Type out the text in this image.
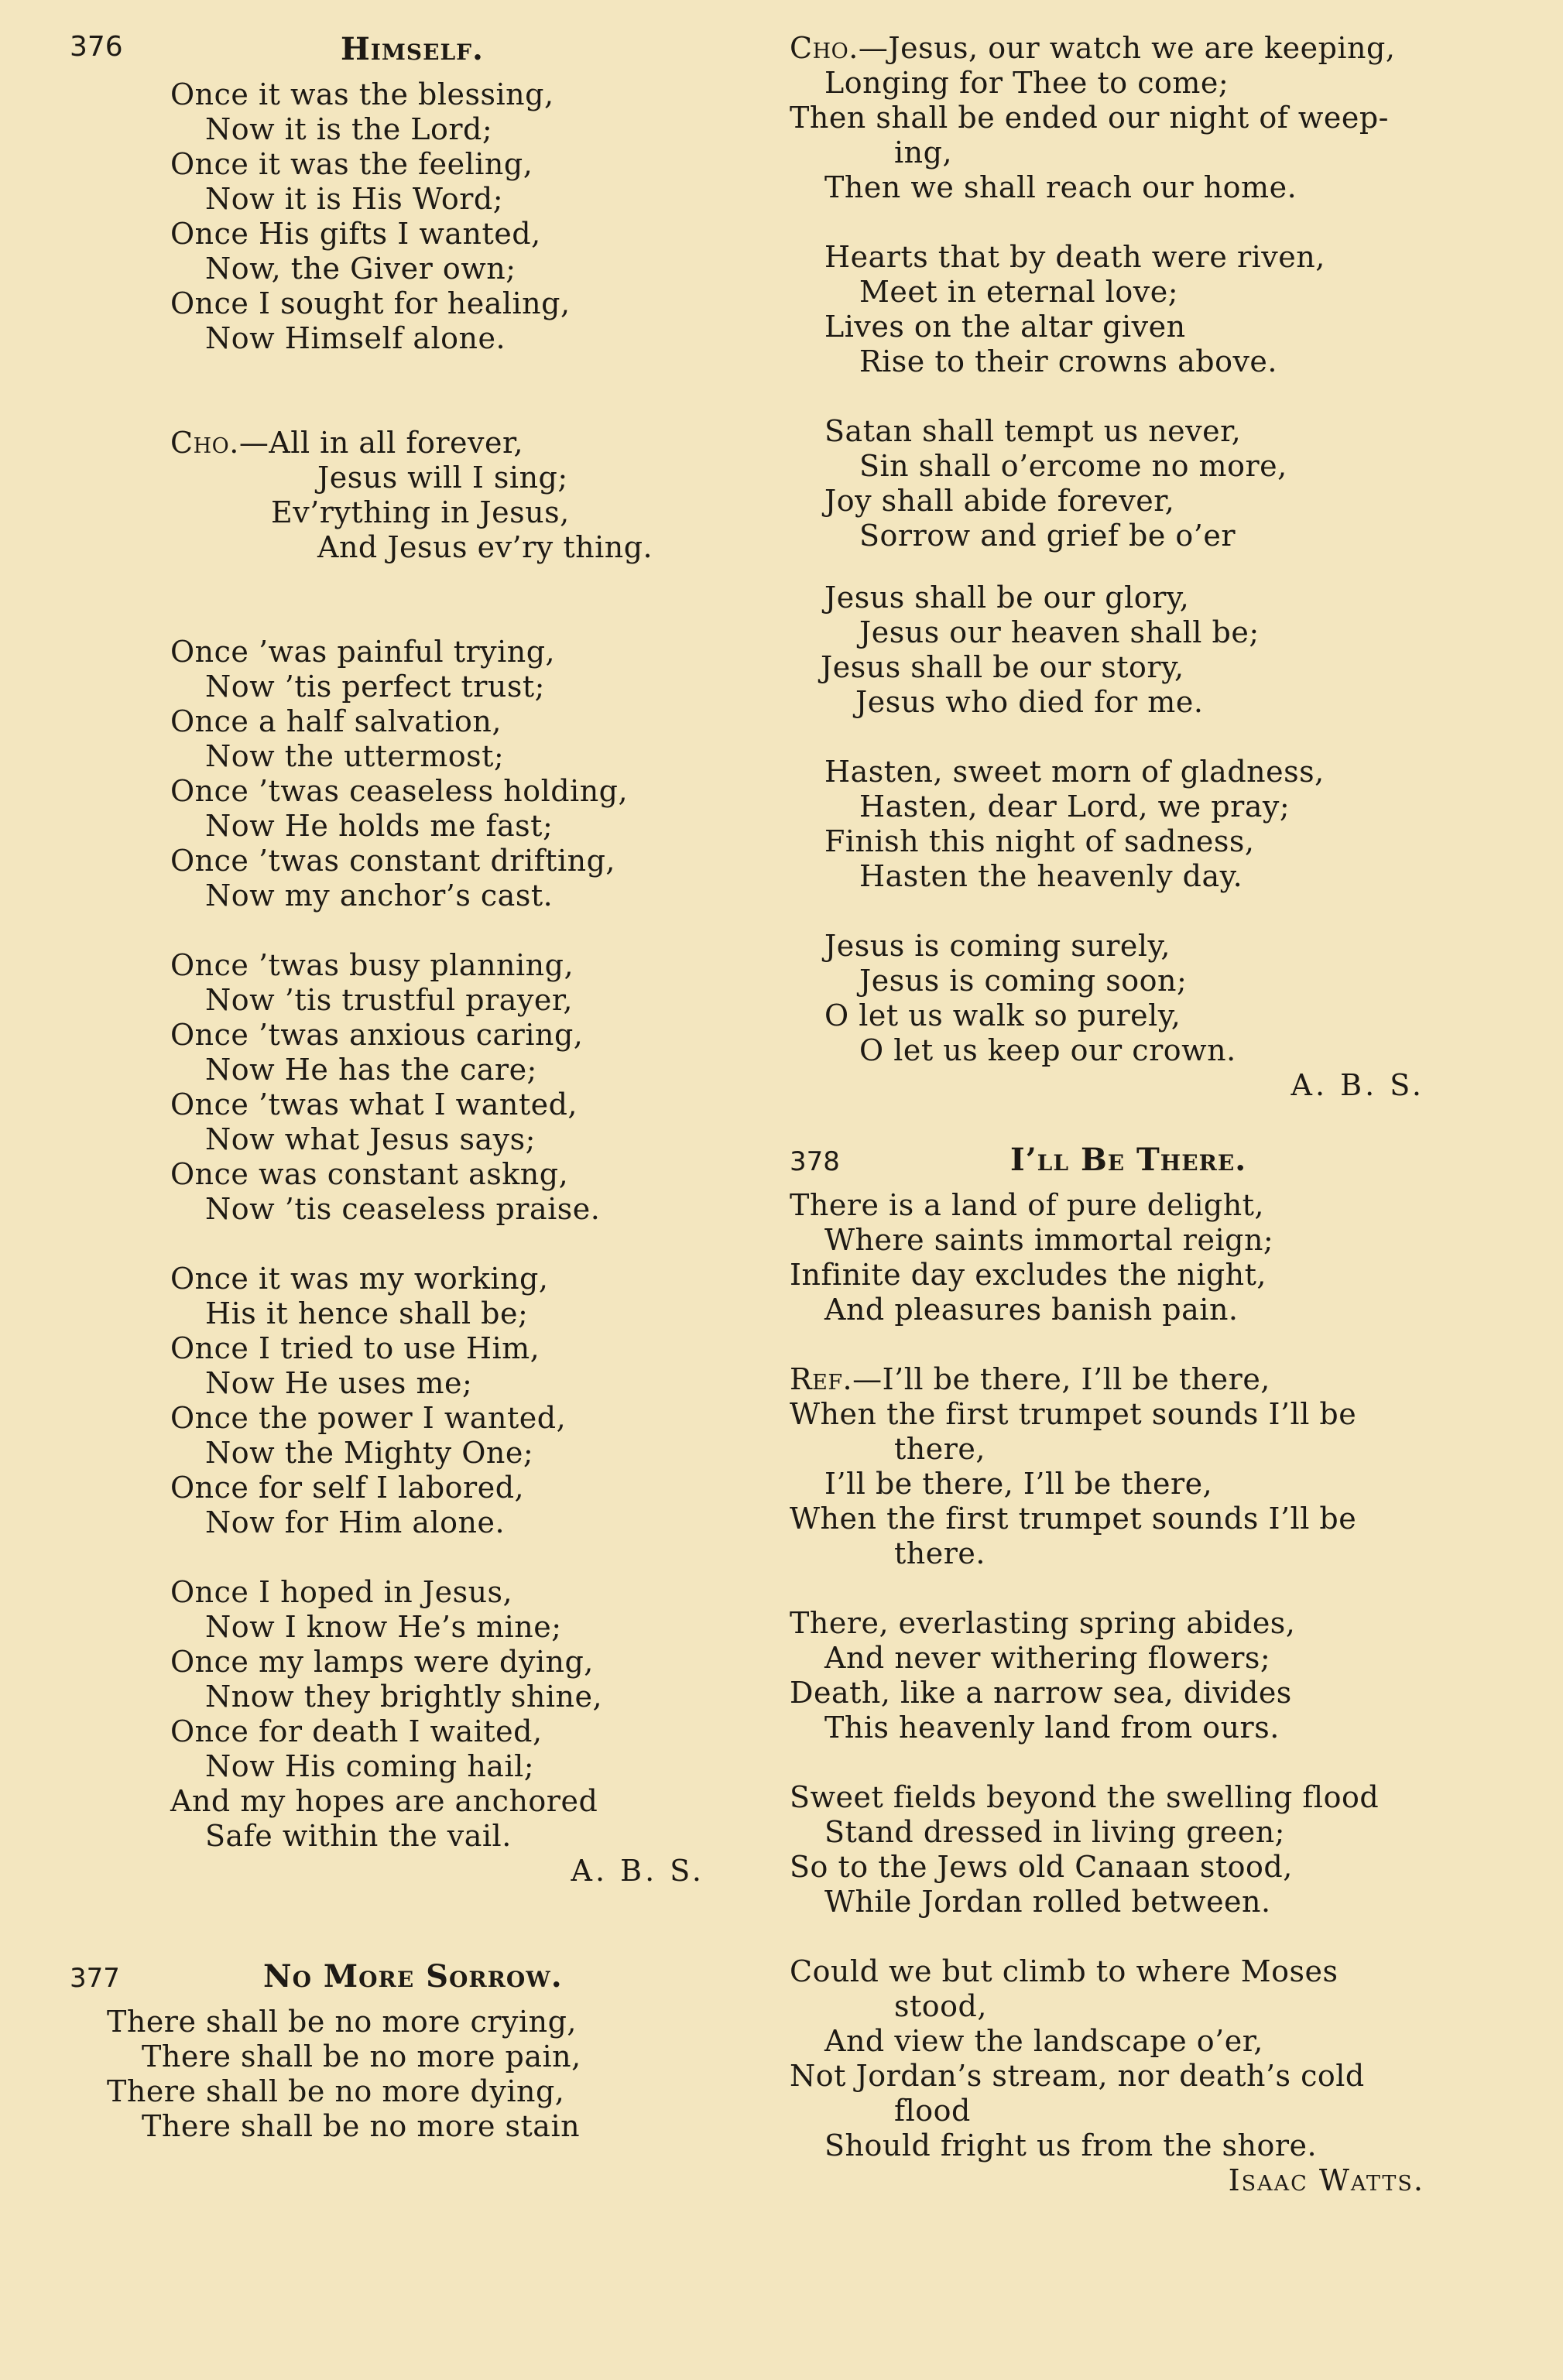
376	Himself.
Once it was the blessing,
Now it is the Lord;
Once it was the feeling,
Now it is His Word;
Once His gifts I wanted,
Now, the Giver own;
Once I sought for healing,
Now Himself alone.
Cho.—All in all forever,
Jesus will I sing;
Ev’rything in Jesus,
And Jesus ev’ry thing.
Once ’was painful trying,
Now ’tis perfect trust;
Once a half salvation,
Now the uttermost;
Once ’twas ceaseless holding,
Now He holds me fast;
Once ’twas constant drifting,
Now my anchor’s cast.
Once ’twas busy planning,
Now ’tis trustful prayer,
Once ’twas anxious caring,
Now He has the care;
Once ’twas what I wanted,
Now what Jesus says;
Once was constant askng,
Now ’tis ceaseless praise.
Once it was my working,
His it hence shall be;
Once I tried to use Him,
Now He uses me;
Once the power I wanted,
Now the Mighty One;
Once for self I labored,
Now for Him alone.
Once I hoped in Jesus,
Now I know He’s mine;
Once my lamps were dying,
Nnow they brightly shine,
Once for death I waited,
Now His coming hail;
And my hopes are anchored
Safe within the vail.
A. B. S.
377	No More Sorrow.
There shall be no more crying,
There shall be no more pain,
There shall be no more dying,
There shall be no more stain
Cho.—Jesus, our watch we are keeping,
Longing for Thee to come;
Then shall be ended our night of weep-
ing,
Then we shall reach our home.
Hearts that by death were riven,
Meet in eternal love;
Lives on the altar given
Rise to their crowns above.
Satan shall tempt us never,
Sin shall o’ercome no more,
Joy shall abide forever,
Sorrow and grief be o’er
Jesus shall be our glory,
Jesus our heaven shall be;
Jesus shall be our story,
Jesus who died for me.
Hasten, sweet morn of gladness,
Hasten, dear Lord, we pray;
Finish this night of sadness,
Hasten the heavenly day.
Jesus is coming surely,
Jesus is coming soon;
O let us walk so purely,
O let us keep our crown.
A. B. S.
378	I’ll Be There.
There is a land of pure delight,
Where saints immortal reign;
Infinite day excludes the night,
And pleasures banish pain.
Ref.—I’ll be there, I’ll be there,
When the first trumpet sounds I’ll be
there,
I’ll be there, I’ll be there,
When the first trumpet sounds I’ll be
there.
There, everlasting spring abides,
And never withering flowers;
Death, like a narrow sea, divides
This heavenly land from ours.
Sweet fields beyond the swelling flood
Stand dressed in living green;
So to the Jews old Canaan stood,
While Jordan rolled between.
Could we but climb to where Moses
stood,
And view the landscape o’er,
Not Jordan’s stream, nor death’s cold
flood
Should fright us from the shore.
Isaac Watts.
